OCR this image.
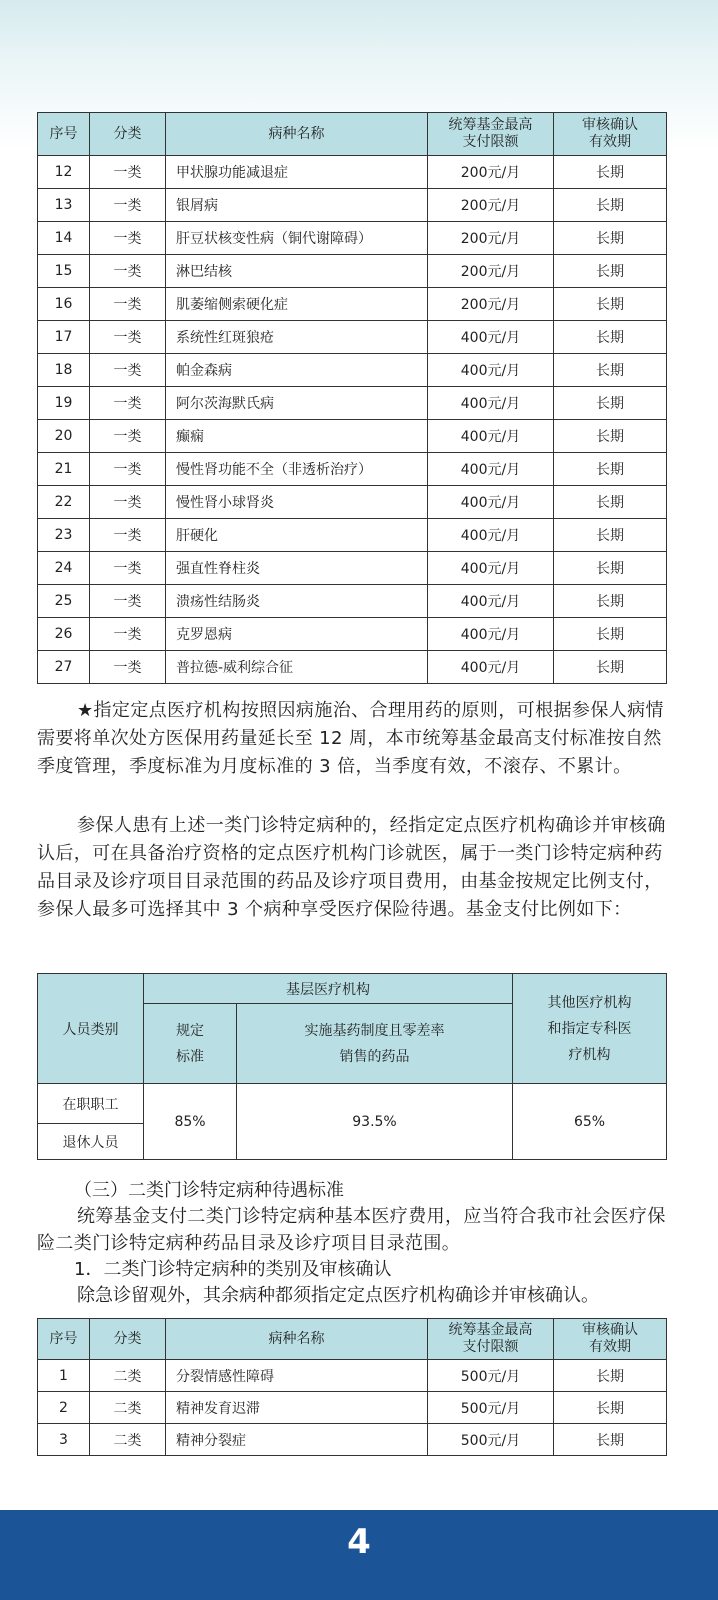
序号	分类	病种名称	统筹基金最高
支付限额	审核确认
有效期
12	一类	甲状腺功能减退症	200元/月	长期
13	一类	银屑病	200元/月	长期
14	一类	肝豆状核变性病（铜代谢障碍）	200元/月	长期
15	一类	淋巴结核	200元/月	长期
16	一类	肌萎缩侧索硬化症	200元/月	长期
17	一类	系统性红斑狼疮	400元/月	长期
18	一类	帕金森病	400元/月	长期
19	一类	阿尔茨海默氏病	400元/月	长期
20	一类	癫痫	400元/月	长期
21	一类	慢性肾功能不全（非透析治疗）	400元/月	长期
22	一类	慢性肾小球肾炎	400元/月	长期
23	一类	肝硬化	400元/月	长期
24	一类	强直性脊柱炎	400元/月	长期
25	一类	溃疡性结肠炎	400元/月	长期
26	一类	克罗恩病	400元/月	长期
27	一类	普拉德-威利综合征	400元/月	长期

★指定定点医疗机构按照因病施治、合理用药的原则，可根据参保人病情需要将单次处方医保用药量延长至 12 周，本市统筹基金最高支付标准按自然季度管理，季度标准为月度标准的 3 倍，当季度有效，不滚存、不累计。

参保人患有上述一类门诊特定病种的，经指定定点医疗机构确诊并审核确认后，可在具备治疗资格的定点医疗机构门诊就医，属于一类门诊特定病种药品目录及诊疗项目目录范围的药品及诊疗项目费用，由基金按规定比例支付，参保人最多可选择其中 3 个病种享受医疗保险待遇。基金支付比例如下：

人员类别	基层医疗机构		其他医疗机构
和指定专科医
疗机构
	规定
标准	实施基药制度且零差率
销售的药品	
在职职工	85%	93.5%	65%
退休人员			

（三）二类门诊特定病种待遇标准

统筹基金支付二类门诊特定病种基本医疗费用，应当符合我市社会医疗保险二类门诊特定病种药品目录及诊疗项目目录范围。

1．二类门诊特定病种的类别及审核确认

除急诊留观外，其余病种都须指定定点医疗机构确诊并审核确认。

序号	分类	病种名称	统筹基金最高
支付限额	审核确认
有效期
1	二类	分裂情感性障碍	500元/月	长期
2	二类	精神发育迟滞	500元/月	长期
3	二类	精神分裂症	500元/月	长期
4
